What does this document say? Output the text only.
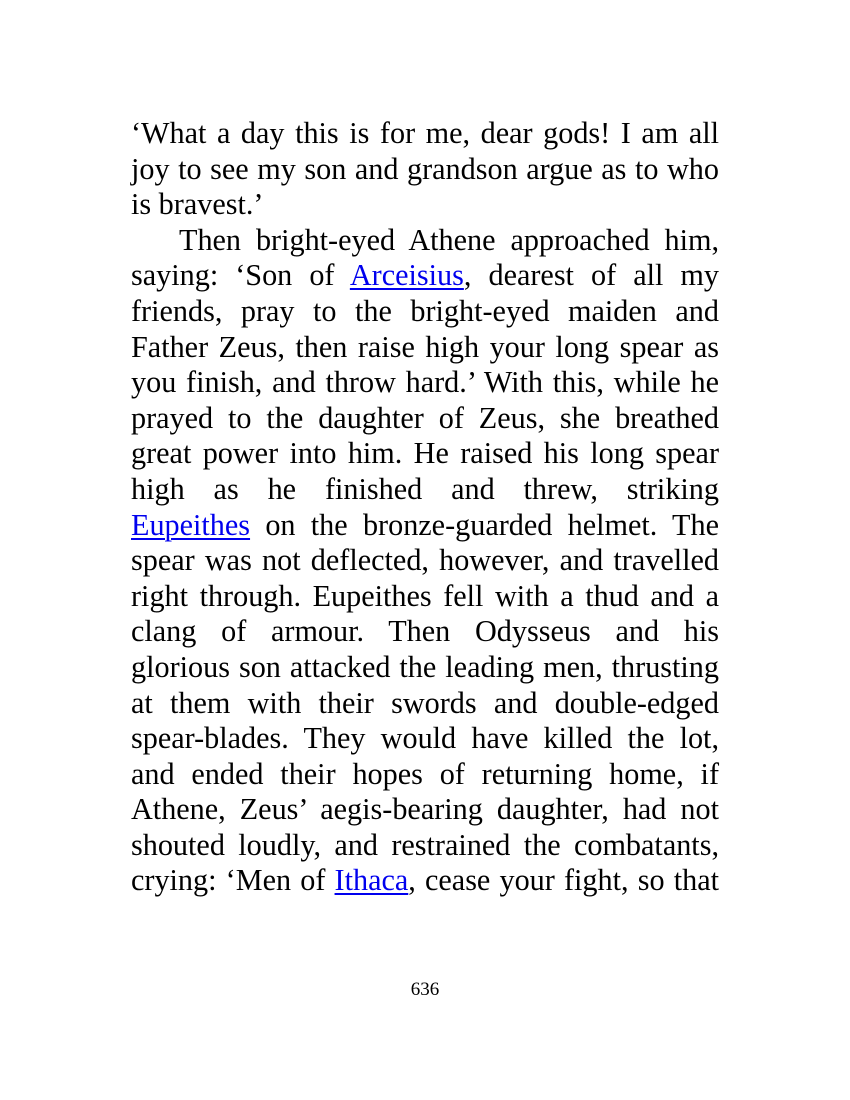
‘What a day this is for me, dear gods! I am all
joy to see my son and grandson argue as to who
is bravest.’
Then bright-eyed Athene approached him,
saying: ‘Son of Arceisius, dearest of all my
friends, pray to the bright-eyed maiden and
Father Zeus, then raise high your long spear as
you finish, and throw hard.’ With this, while he
prayed to the daughter of Zeus, she breathed
great power into him. He raised his long spear
high as he finished and threw, striking
Eupeithes on the bronze-guarded helmet. The
spear was not deflected, however, and travelled
right through. Eupeithes fell with a thud and a
clang of armour. Then Odysseus and his
glorious son attacked the leading men, thrusting
at them with their swords and double-edged
spear-blades. They would have killed the lot,
and ended their hopes of returning home, if
Athene, Zeus’ aegis-bearing daughter, had not
shouted loudly, and restrained the combatants,
crying: ‘Men of Ithaca, cease your fight, so that
636
